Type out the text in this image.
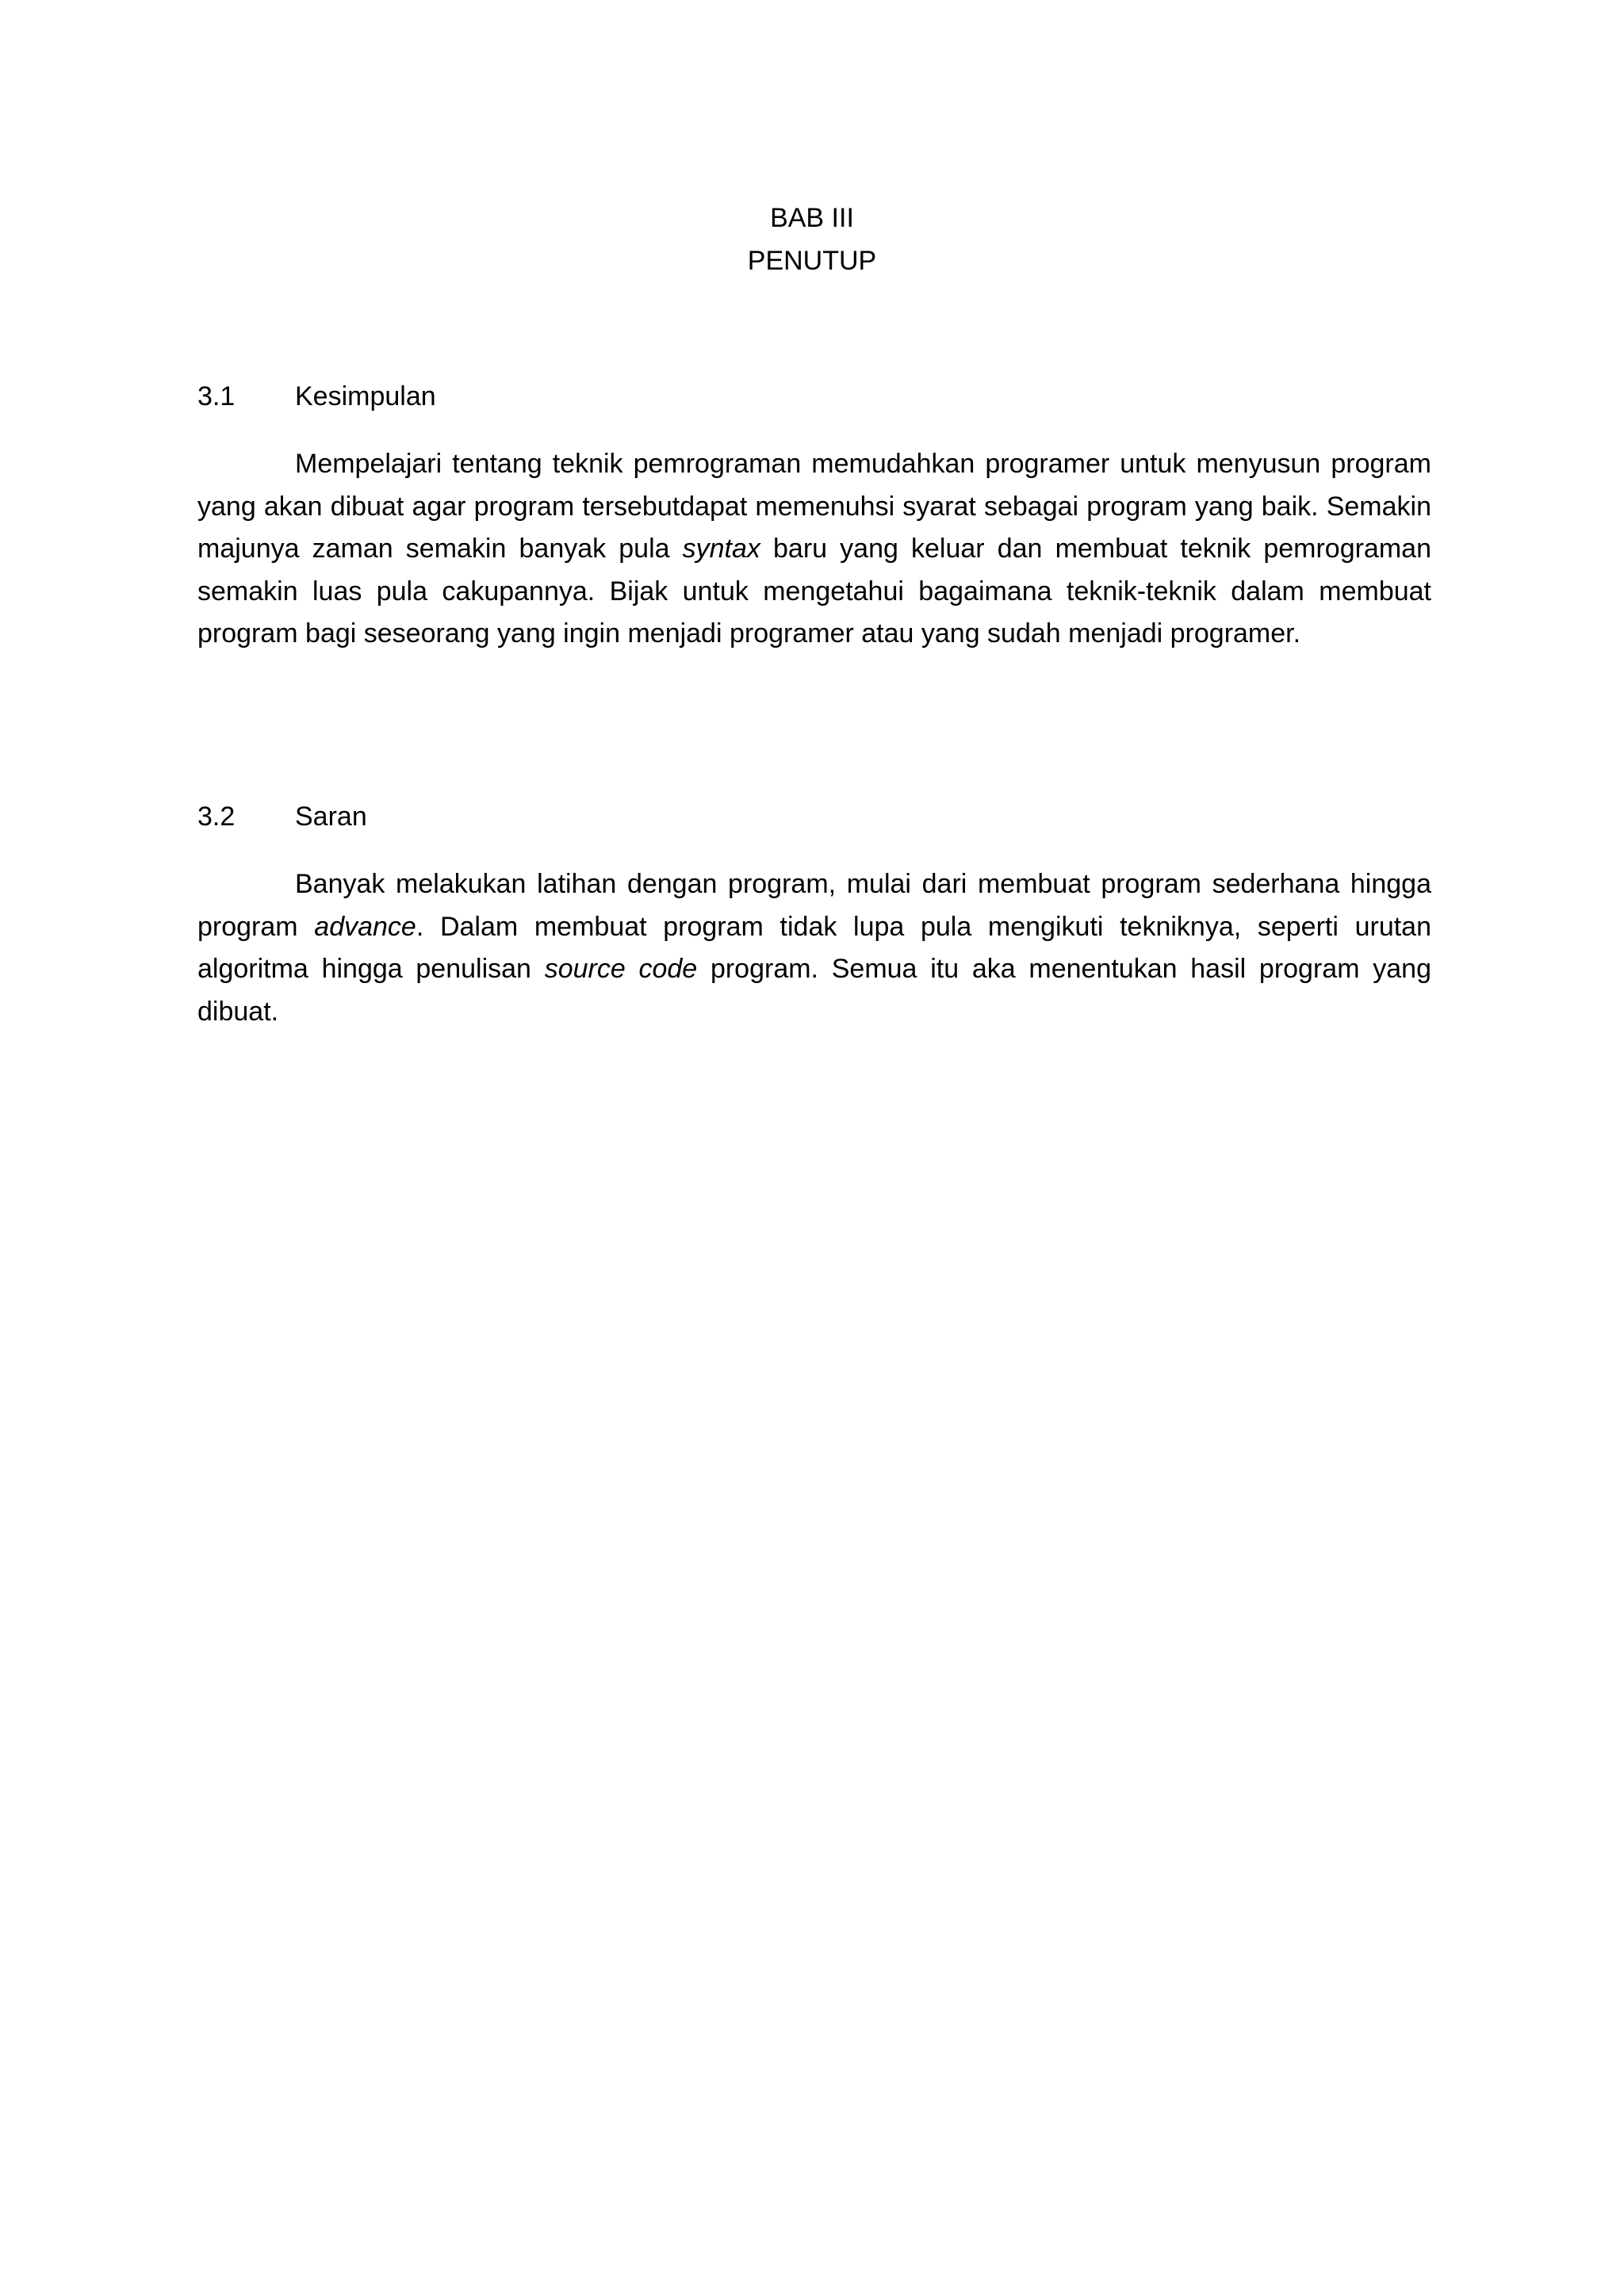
BAB III
PENUTUP
3.1 Kesimpulan

Mempelajari tentang teknik pemrograman memudahkan programer untuk menyusun program yang akan dibuat agar program tersebutdapat memenuhsi syarat sebagai program yang baik. Semakin majunya zaman semakin banyak pula syntax baru yang keluar dan membuat teknik pemrograman semakin luas pula cakupannya. Bijak untuk mengetahui bagaimana teknik-teknik dalam membuat program bagi seseorang yang ingin menjadi programer atau yang sudah menjadi programer.

3.2 Saran

Banyak melakukan latihan dengan program, mulai dari membuat program sederhana hingga program advance. Dalam membuat program tidak lupa pula mengikuti tekniknya, seperti urutan algoritma hingga penulisan source code program. Semua itu aka menentukan hasil program yang dibuat.
